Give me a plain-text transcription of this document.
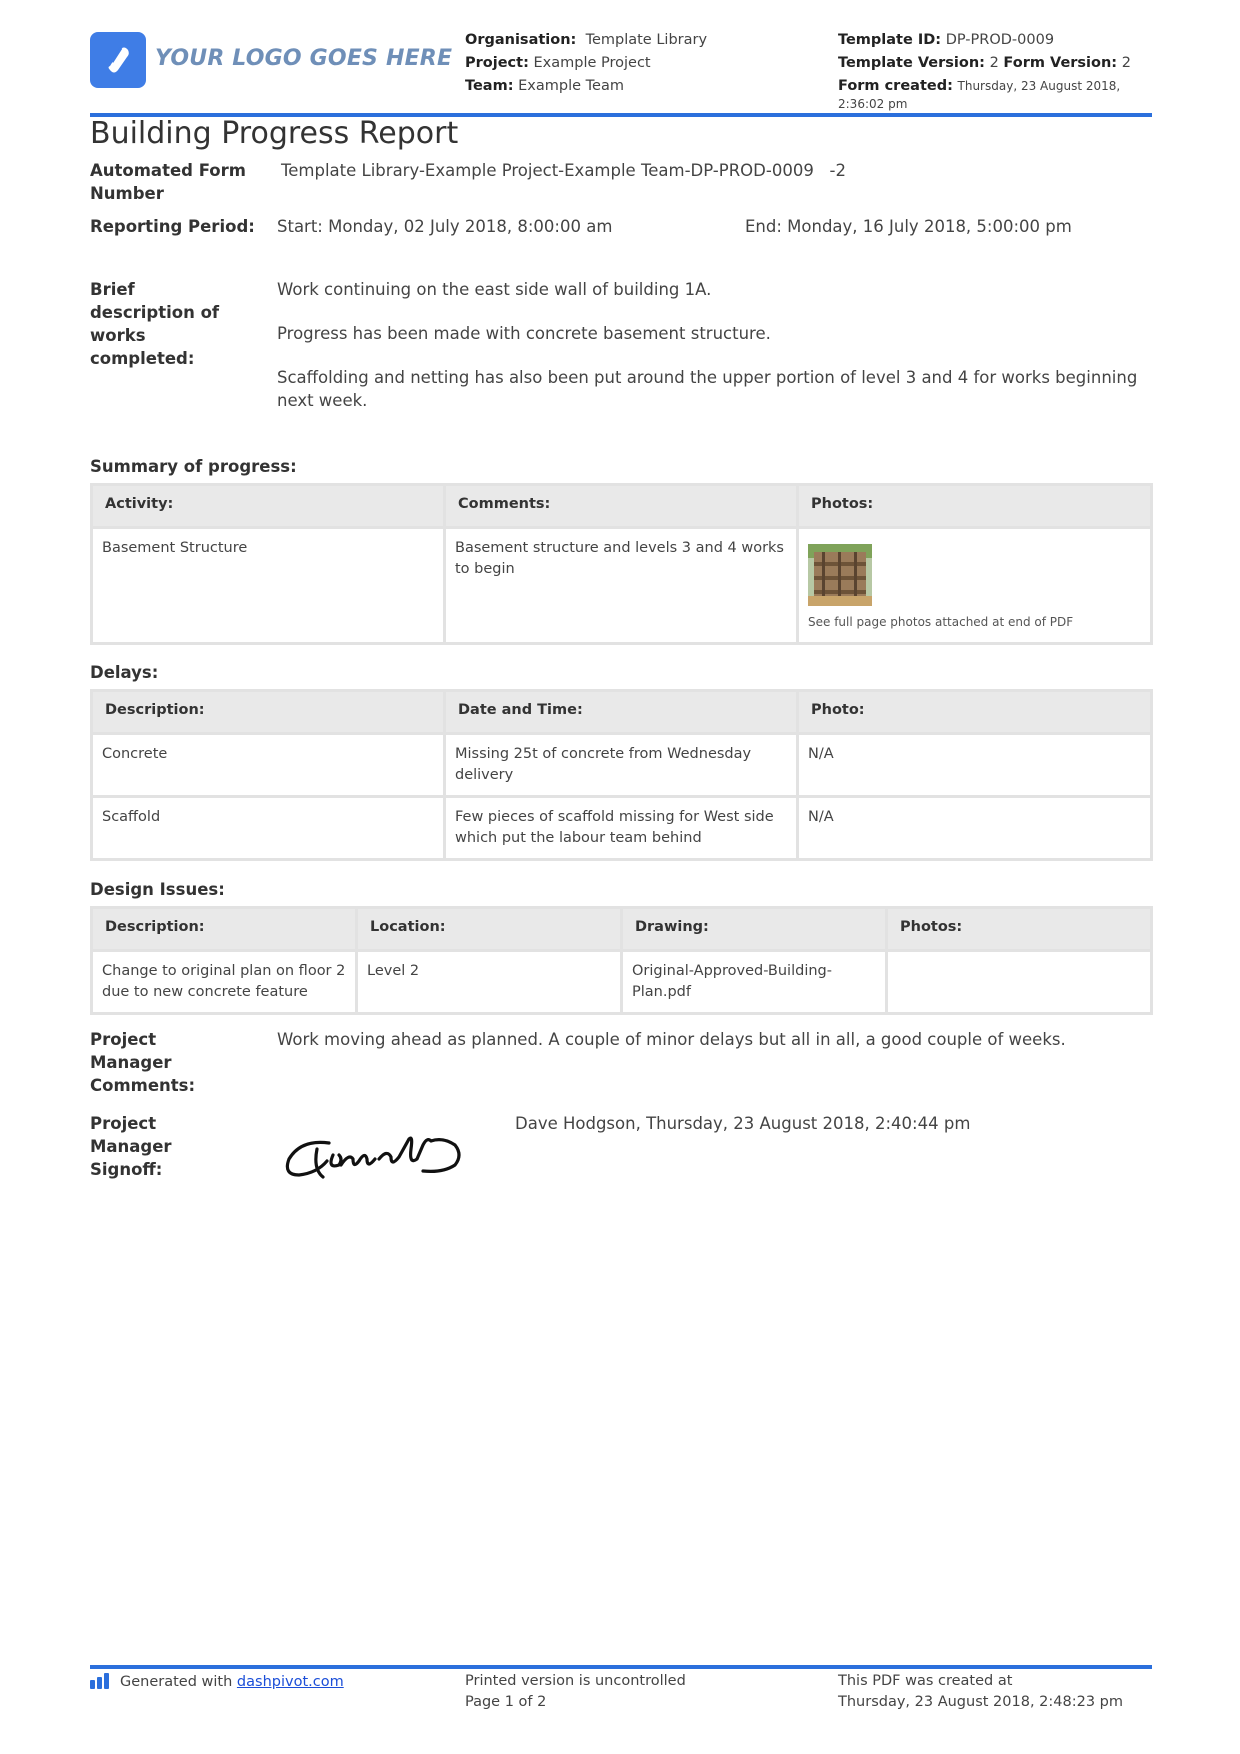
YOUR LOGO GOES HERE
Organisation: Template Library
Project: Example Project
Team: Example Team
Template ID: DP-PROD-0009
Template Version: 2 Form Version: 2
Form created: Thursday, 23 August 2018, 2:36:02 pm
Building Progress Report
Automated Form Number
Template Library-Example Project-Example Team-DP-PROD-0009   -2
Reporting Period: Start: Monday, 02 July 2018, 8:00:00 am	End: Monday, 16 July 2018, 5:00:00 pm
Brief description of works completed:
Work continuing on the east side wall of building 1A.
Progress has been made with concrete basement structure.
Scaffolding and netting has also been put around the upper portion of level 3 and 4 for works beginning next week.
Summary of progress:
Activity:	Comments:	Photos:
Basement Structure	Basement structure and levels 3 and 4 works to begin	See full page photos attached at end of PDF
Delays:
Description:	Date and Time:	Photo:
Concrete	Missing 25t of concrete from Wednesday delivery	N/A
Scaffold	Few pieces of scaffold missing for West side which put the labour team behind	N/A
Design Issues:
Description:	Location:	Drawing:	Photos:
Change to original plan on floor 2 due to new concrete feature	Level 2	Original-Approved-Building-Plan.pdf	
Project Manager Comments:
Work moving ahead as planned. A couple of minor delays but all in all, a good couple of weeks.
Project Manager Signoff:
Dave Hodgson, Thursday, 23 August 2018, 2:40:44 pm
Generated with dashpivot.com	Printed version is uncontrolled
Page 1 of 2
This PDF was created at
Thursday, 23 August 2018, 2:48:23 pm
